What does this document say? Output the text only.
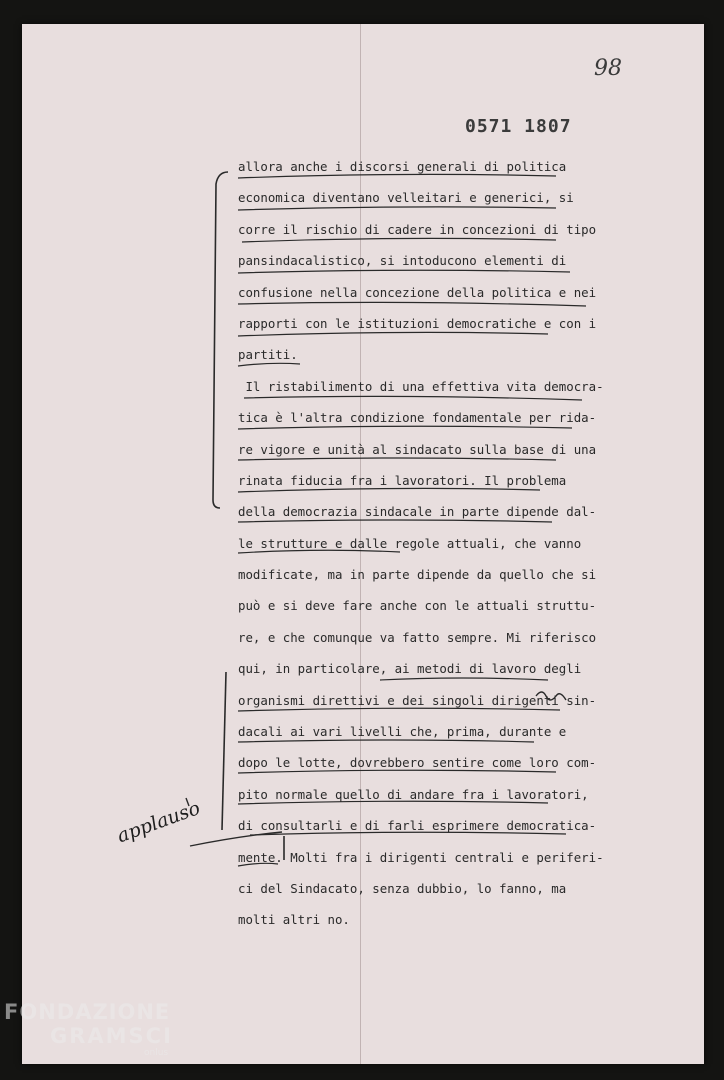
98
0571 1807
allora anche i discorsi generali di politica
economica diventano velleitari e generici, si
corre il rischio di cadere in concezioni di tipo
pansindacalistico, si intoducono elementi di
confusione nella concezione della politica e nei
rapporti con le istituzioni democratiche e con i
partiti.
Il ristabilimento di una effettiva vita democra-
tica è l'altra condizione fondamentale per rida-
re vigore e unità al sindacato sulla base di una
rinata fiducia fra i lavoratori. Il problema
della democrazia sindacale in parte dipende dal-
le strutture e dalle regole attuali, che vanno
modificate, ma in parte dipende da quello che si
può e si deve fare anche con le attuali struttu-
re, e che comunque va fatto sempre. Mi riferisco
qui, in particolare, ai metodi di lavoro degli
organismi direttivi e dei singoli dirigenti sin-
dacali ai vari livelli che, prima, durante e
dopo le lotte, dovrebbero sentire come loro com-
pito normale quello di andare fra i lavoratori,
di consultarli e di farli esprimere democratica-
mente. Molti fra i dirigenti centrali e periferi-
ci del Sindacato, senza dubbio, lo fanno, ma
molti altri no.
applauso
FONDAZIONE
GRAMSCI
onlus
